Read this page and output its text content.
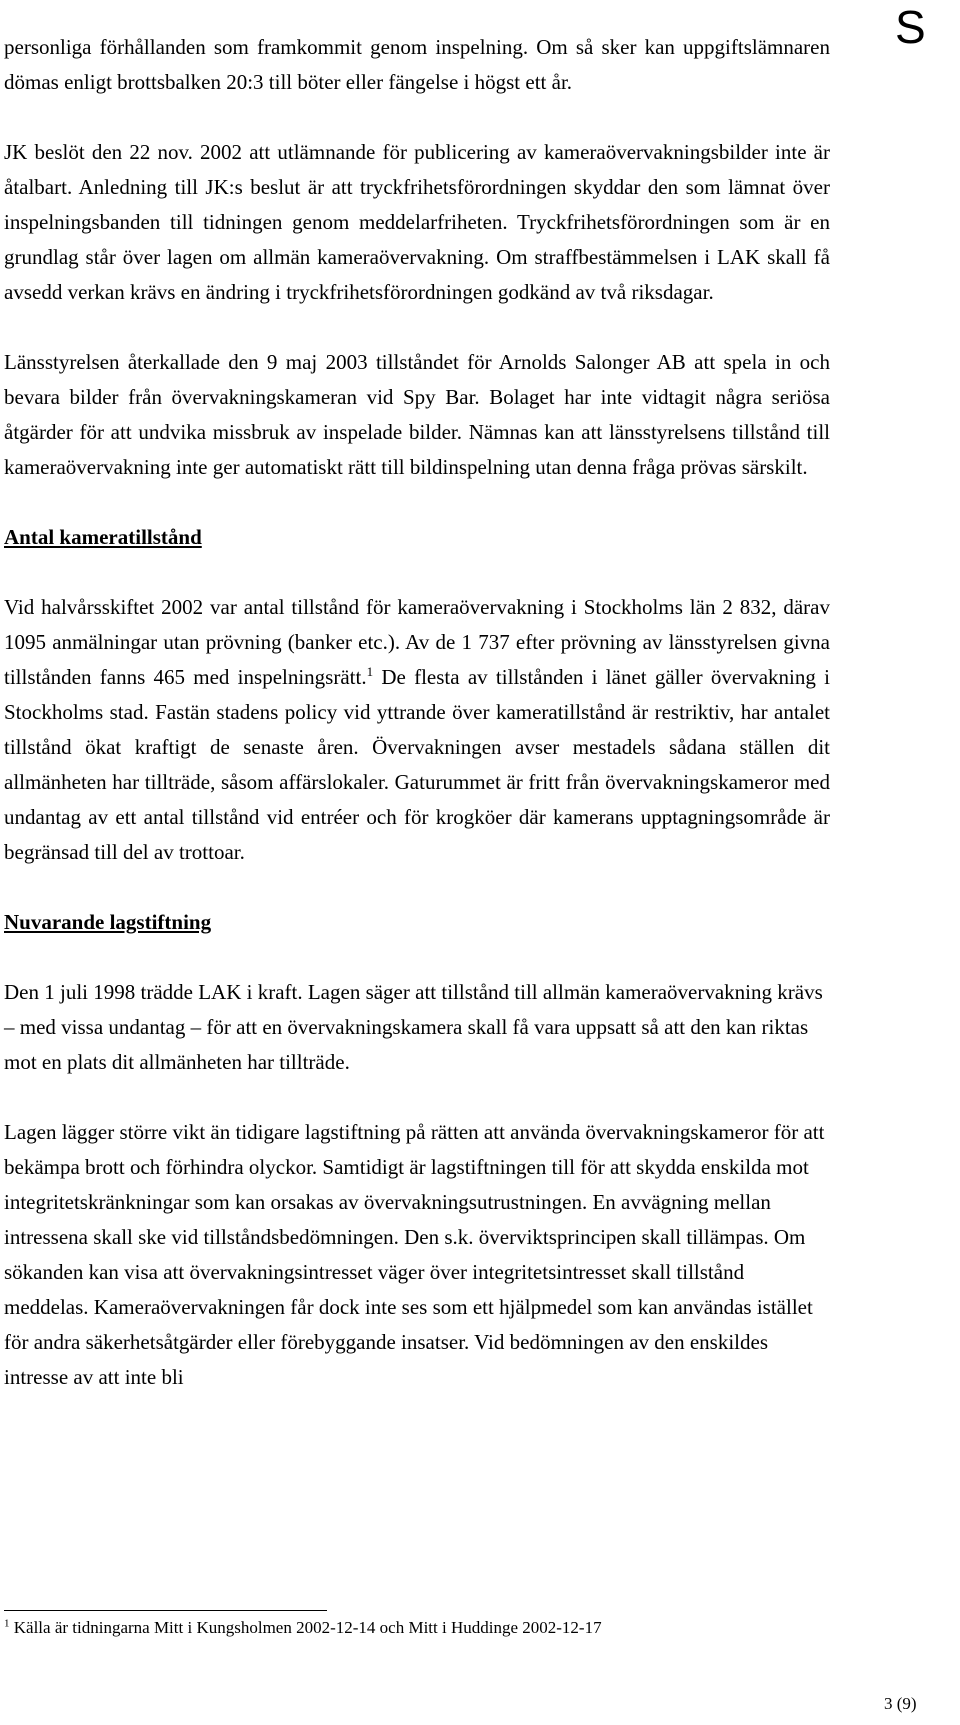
S

personliga förhållanden som framkommit genom inspelning. Om så sker kan uppgiftslämnaren dömas enligt brottsbalken 20:3 till böter eller fängelse i högst ett år.

JK beslöt den 22 nov. 2002 att utlämnande för publicering av kameraövervakningsbilder inte är åtalbart. Anledning till JK:s beslut är att tryckfrihetsförordningen skyddar den som lämnat över inspelningsbanden till tidningen genom meddelarfriheten. Tryckfrihetsförordningen som är en grundlag står över lagen om allmän kameraövervakning. Om straffbestämmelsen i LAK skall få avsedd verkan krävs en ändring i tryckfrihetsförordningen godkänd av två riksdagar.

Länsstyrelsen återkallade den 9 maj 2003 tillståndet för Arnolds Salonger AB att spela in och bevara bilder från övervakningskameran vid Spy Bar. Bolaget har inte vidtagit några seriösa åtgärder för att undvika missbruk av inspelade bilder. Nämnas kan att länsstyrelsens tillstånd till kameraövervakning inte ger automatiskt rätt till bildinspelning utan denna fråga prövas särskilt.

Antal kameratillstånd

Vid halvårsskiftet 2002 var antal tillstånd för kameraövervakning i Stockholms län 2 832, därav 1095 anmälningar utan prövning (banker etc.). Av de 1 737 efter prövning av länsstyrelsen givna tillstånden fanns 465 med inspelningsrätt.$^1$ De flesta av tillstånden i länet gäller övervakning i Stockholms stad. Fastän stadens policy vid yttrande över kameratillstånd är restriktiv, har antalet tillstånd ökat kraftigt de senaste åren. Övervakningen avser mestadels sådana ställen dit allmänheten har tillträde, såsom affärslokaler. Gaturummet är fritt från övervakningskameror med undantag av ett antal tillstånd vid entréer och för krogköer där kamerans upptagningsområde är begränsad till del av trottoar.

Nuvarande lagstiftning

Den 1 juli 1998 trädde LAK i kraft. Lagen säger att tillstånd till allmän kameraövervakning krävs – med vissa undantag – för att en övervakningskamera skall få vara uppsatt så att den kan riktas mot en plats dit allmänheten har tillträde.

Lagen lägger större vikt än tidigare lagstiftning på rätten att använda övervakningskameror för att bekämpa brott och förhindra olyckor. Samtidigt är lagstiftningen till för att skydda enskilda mot integritetskränkningar som kan orsakas av övervakningsutrustningen. En avvägning mellan intressena skall ske vid tillståndsbedömningen. Den s.k. överviktsprincipen skall tillämpas. Om sökanden kan visa att övervakningsintresset väger över integritetsintresset skall tillstånd meddelas. Kameraövervakningen får dock inte ses som ett hjälpmedel som kan användas istället för andra säkerhetsåtgärder eller förebyggande insatser. Vid bedömningen av den enskildes intresse av att inte bli

$^1$ Källa är tidningarna Mitt i Kungsholmen 2002-12-14 och Mitt i Huddinge 2002-12-17
3 (9)
